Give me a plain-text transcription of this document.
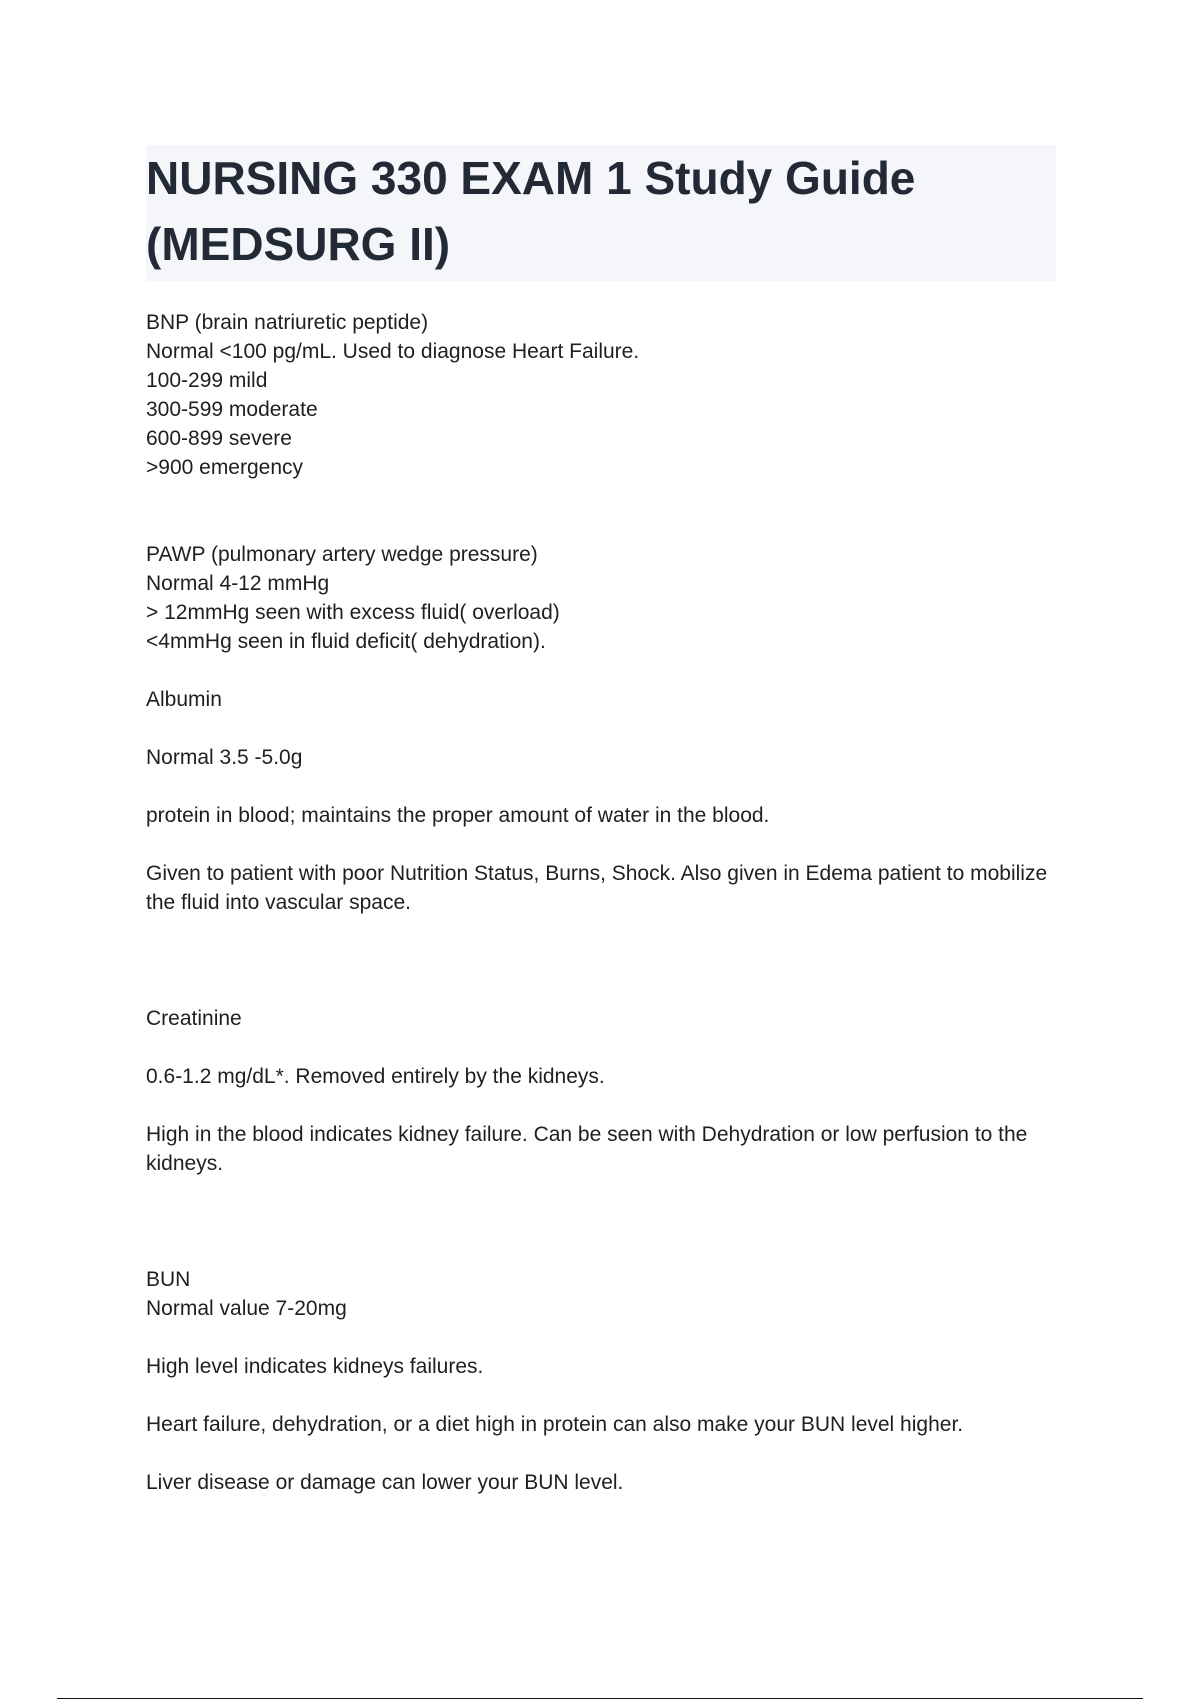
NURSING 330 EXAM 1 Study Guide
(MEDSURG II)
BNP (brain natriuretic peptide)
Normal <100 pg/mL. Used to diagnose Heart Failure.
100-299 mild
300-599 moderate
600-899 severe
>900 emergency
PAWP (pulmonary artery wedge pressure)
Normal 4-12 mmHg
> 12mmHg seen with excess fluid( overload)
<4mmHg seen in fluid deficit( dehydration).
Albumin
Normal 3.5 -5.0g
protein in blood; maintains the proper amount of water in the blood.
Given to patient with poor Nutrition Status, Burns, Shock. Also given in Edema patient to mobilize the fluid into vascular space.
Creatinine
0.6-1.2 mg/dL*. Removed entirely by the kidneys.
High in the blood indicates kidney failure. Can be seen with Dehydration or low perfusion to the kidneys.
BUN
Normal value 7-20mg
High level indicates kidneys failures.
Heart failure, dehydration, or a diet high in protein can also make your BUN level higher.
Liver disease or damage can lower your BUN level.
